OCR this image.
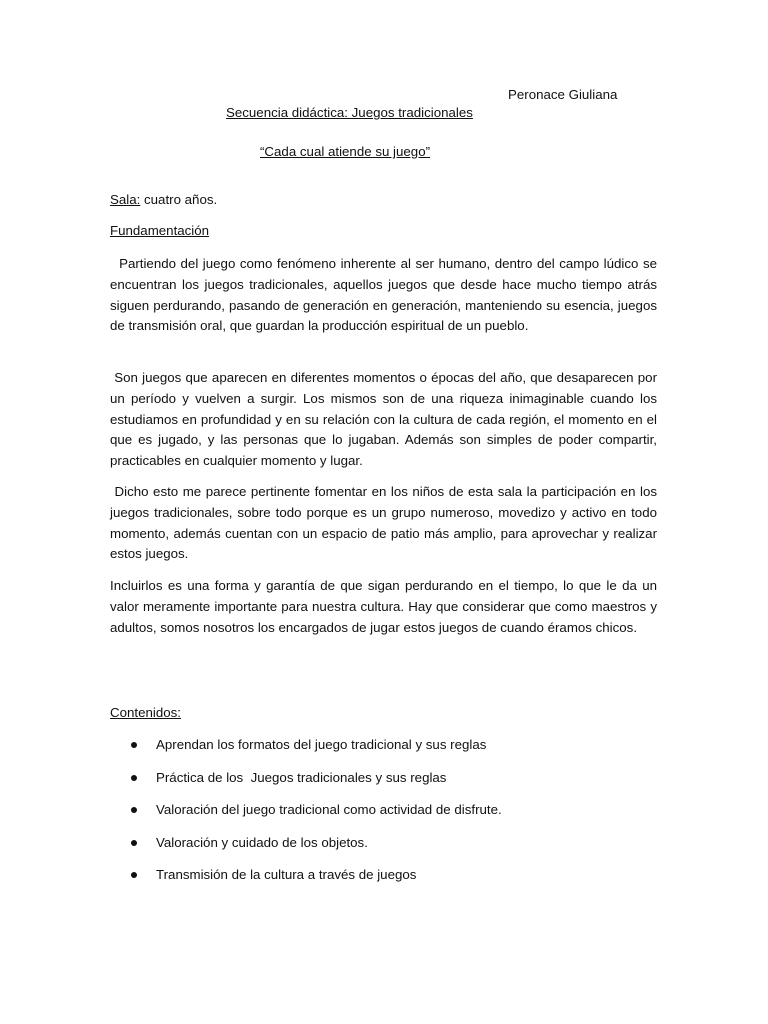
Peronace Giuliana
Secuencia didáctica: Juegos tradicionales
“Cada cual atiende su juego”
Sala: cuatro años.
Fundamentación

Partiendo del juego como fenómeno inherente al ser humano, dentro del campo lúdico se encuentran los juegos tradicionales, aquellos juegos que desde hace mucho tiempo atrás siguen perdurando, pasando de generación en generación, manteniendo su esencia, juegos de transmisión oral, que guardan la producción espiritual de un pueblo.

Son juegos que aparecen en diferentes momentos o épocas del año, que desaparecen por un período y vuelven a surgir. Los mismos son de una riqueza inimaginable cuando los estudiamos en profundidad y en su relación con la cultura de cada región, el momento en el que es jugado, y las personas que lo jugaban. Además son simples de poder compartir, practicables en cualquier momento y lugar.

Dicho esto me parece pertinente fomentar en los niños de esta sala la participación en los juegos tradicionales, sobre todo porque es un grupo numeroso, movedizo y activo en todo momento, además cuentan con un espacio de patio más amplio, para aprovechar y realizar estos juegos.

Incluirlos es una forma y garantía de que sigan perdurando en el tiempo, lo que le da un valor meramente importante para nuestra cultura. Hay que considerar que como maestros y adultos, somos nosotros los encargados de jugar estos juegos de cuando éramos chicos.

Contenidos:
Aprendan los formatos del juego tradicional y sus reglas
Práctica de los  Juegos tradicionales y sus reglas
Valoración del juego tradicional como actividad de disfrute.
Valoración y cuidado de los objetos.
Transmisión de la cultura a través de juegos
